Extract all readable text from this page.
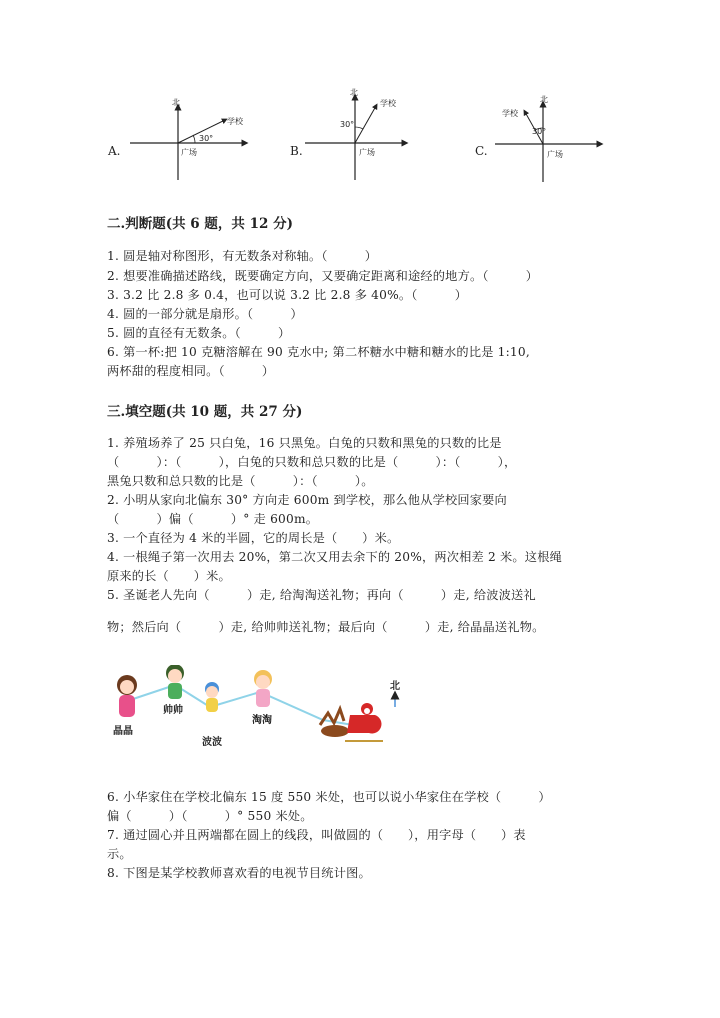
A.
北
学校
30°
广场	B.
北
学校
30°
广场	C.
北
学校
30°
广场
二.判断题(共 6 题，共 12 分)
1. 圆是轴对称图形，有无数条对称轴。（　　　）
2. 想要准确描述路线，既要确定方向，又要确定距离和途经的地方。（　　　）
3. 3.2 比 2.8 多 0.4，也可以说 3.2 比 2.8 多 40%。（　　　）
4. 圆的一部分就是扇形。（　　　）
5. 圆的直径有无数条。（　　　）
6. 第一杯:把 10 克糖溶解在 90 克水中; 第二杯糖水中糖和糖水的比是 1:10,
两杯甜的程度相同。（　　　）
三.填空题(共 10 题，共 27 分)
1. 养殖场养了 25 只白兔，16 只黑兔。白兔的只数和黑兔的只数的比是
（　　　）：（　　　），白兔的只数和总只数的比是（　　　）：（　　　），
黑兔只数和总只数的比是（　　　）：（　　　）。
2. 小明从家向北偏东 30° 方向走 600m 到学校，那么他从学校回家要向
（　　　）偏（　　　）° 走 600m。
3. 一个直径为 4 米的半圆，它的周长是（　　）米。
4. 一根绳子第一次用去 20%，第二次又用去余下的 20%，两次相差 2 米。这根绳
原来的长（　　）米。
5. 圣诞老人先向（　　　）走, 给淘淘送礼物；再向（　　　）走, 给波波送礼
物；然后向（　　　）走, 给帅帅送礼物；最后向（　　　）走, 给晶晶送礼物。
晶晶
帅帅
波波
淘淘
北
6. 小华家住在学校北偏东 15 度 550 米处，也可以说小华家住在学校（　　　）
偏（　　　）（　　　）° 550 米处。
7. 通过圆心并且两端都在圆上的线段，叫做圆的（　　），用字母（　　）表
示。
8. 下图是某学校教师喜欢看的电视节目统计图。
